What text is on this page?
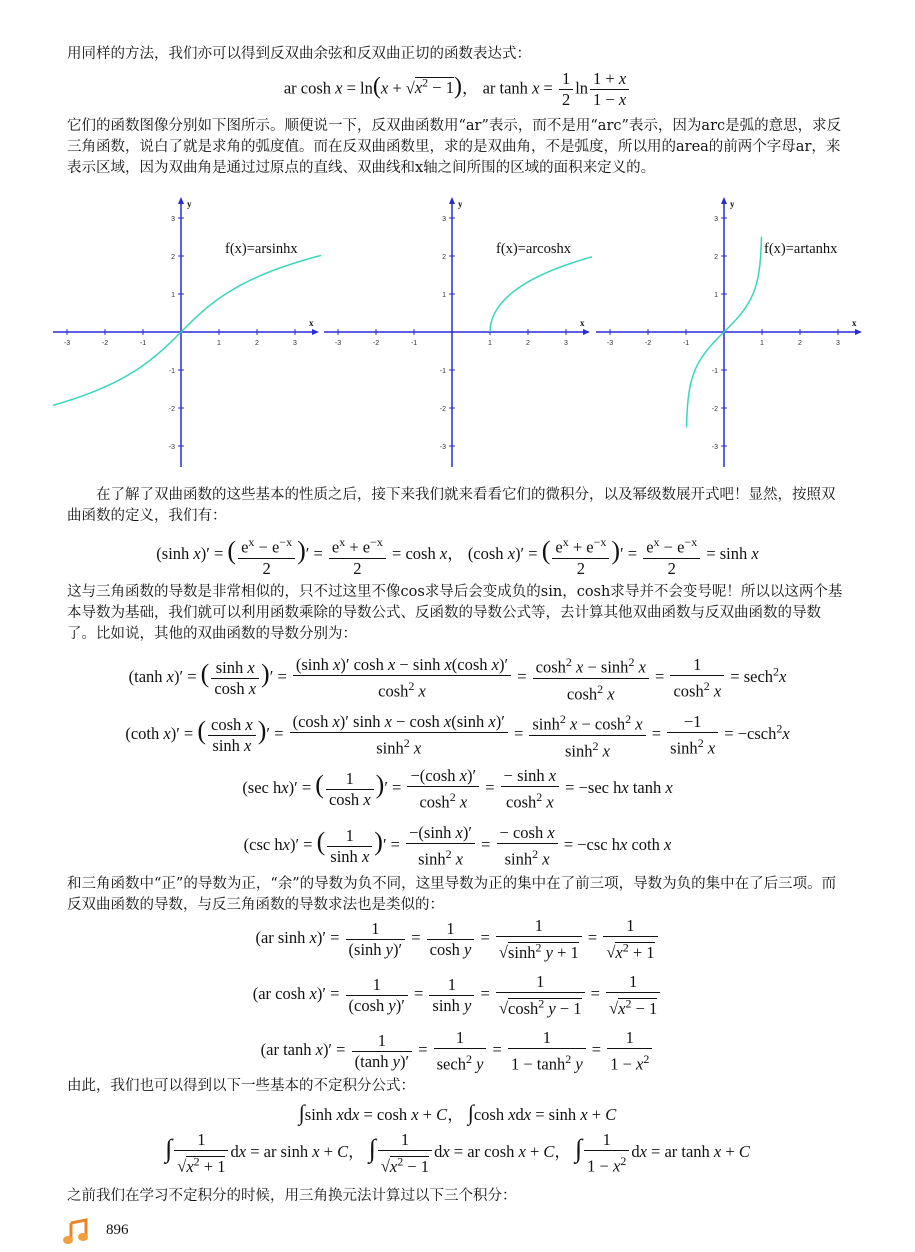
用同样的方法，我们亦可以得到反双曲余弦和反双曲正切的函数表达式：
ar $\cosh x = \ln(x + √x^2 - 1)$， ar $\tanh x = \frac{1}{2}$ $\ln \frac{1 + x}{1 - x}$
它们的函数图像分别如下图所示。顺便说一下，反双曲函数用“ar”表示，而不是用“arc”表示，因为arc是弧的意思，求反三角函数，说白了就是求角的弧度值。而在反双曲函数里，求的是双曲角，不是弧度，所以用的area的前两个字母ar，来表示区域，因为双曲角是通过过原点的直线、双曲线和x轴之间所围的区域的面积来定义的。
x
y
-3	-2	-1	1	2	3
3
2
1
-1
-2
-3
f(x)=arsinhx
x
y
-3	-2	-1	1	2	3
3
2
1
-1
-2
-3
f(x)=arcoshx
x
y
-3	-2	-1	1	2	3
3
2
1
-1
-2
-3
f(x)=artanhx
在了解了双曲函数的这些基本的性质之后，接下来我们就来看看它们的微积分，以及幂级数展开式吧！显然，按照双曲函数的定义，我们有：
(sinh x)′ = ( $\frac{e^x - e^{-x}}{2}$ )′ = $\frac{e^x + e^{-x}}{2} = \cosh x$， (cosh x)′ = ( $\frac{e^x + e^{-x}}{2}$ )′ = $\frac{e^x - e^{-x}}{2} = \sinh x$
这与三角函数的导数是非常相似的，只不过这里不像cos求导后会变成负的sin，cosh求导并不会变号呢！所以以这两个基本导数为基础，我们就可以利用函数乘除的导数公式、反函数的导数公式等，去计算其他双曲函数与反双曲函数的导数了。比如说，其他的双曲函数的导数分别为：
(tanh x)′ = ( $\frac{\text{sinh x}}{\text{cosh x}}$ )′ = $\frac{\text{(sinh x)′ cosh x − sinh x(cosh x)′}}{\cosh^2 x} = \frac{\cosh^2 x - \sinh^2 x}{\cosh^2 x} = \frac{1}{\cosh^2 x} = \sec h^2x$
(coth x)′ = ( $\frac{\text{cosh x}}{\text{sinh x}}$ )′ = $\frac{\text{(cosh x)′ sinh x − cosh x(sinh x)′}}{\sinh^2 x} = \frac{\sinh^2 x - \cosh^2 x}{\sinh^2 x} = \frac{-1}{\sinh^2 x} = -\csc h^2x$
(sec hx)′ = ( $\frac{1}{\text{cosh x}}$ )′ = $\frac{\text{−(cosh x)′}}{\cosh^2 x} = \frac{\text{− sinh x}}{\cosh^2 x} = -\sec$ hx tanh x
(csc hx)′ = ( $\frac{1}{\text{sinh x}}$ )′ = $\frac{\text{−(sinh x)′}}{\sinh^2 x} = \frac{\text{− cosh x}}{\sinh^2 x} = -\csc$ hx coth x
和三角函数中“正”的导数为正，“余”的导数为负不同，这里导数为正的集中在了前三项，导数为负的集中在了后三项。而反双曲函数的导数，与反三角函数的导数求法也是类似的：
(ar $\sinh x)' = \frac{1}{\text{(sinh y)′}} = \frac{1}{\text{cosh y}} = \frac{1}{√\sinh^2 y + 1} = \frac{1}{√x^2 + 1}$
(ar $\cosh x)' = \frac{1}{\text{(cosh y)′}} = \frac{1}{\text{sinh y}} = \frac{1}{√\cosh^2 y - 1} = \frac{1}{√x^2 - 1}$
(ar $\tanh x)' = \frac{1}{\text{(tanh y)′}} = \frac{1}{\sec h^2 y} = \frac{1}{1 - \tanh^2 y} = \frac{1}{1 - x^2}$
由此，我们也可以得到以下一些基本的不定积分公式：
∫sinh xdx = cosh x + C， ∫cosh xdx = sinh x + C
∫ $\frac{1}{√x^2 + 1}$ dx = ar sinh x + C， ∫ $\frac{1}{√x^2 - 1}$ dx = ar cosh x + C， ∫ $\frac{1}{1 - x^2}$ dx = ar tanh x + C
之前我们在学习不定积分的时候，用三角换元法计算过以下三个积分：
896
